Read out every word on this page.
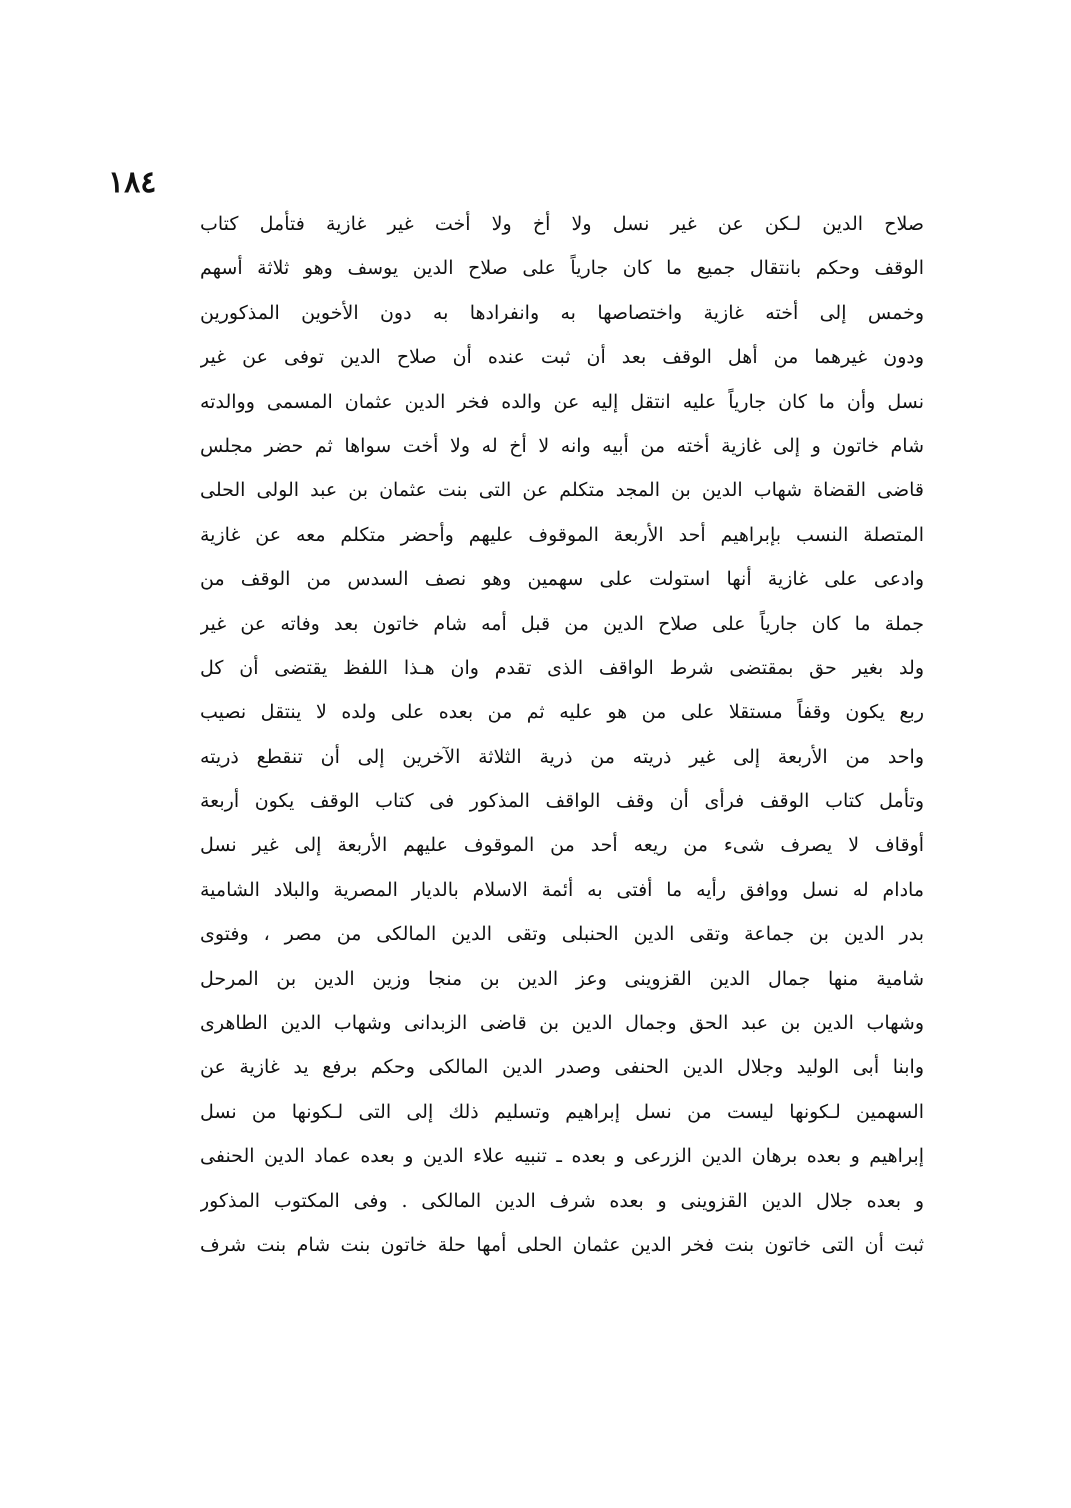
١٨٤
صلاح الدين لـكن عن غير نسل ولا أخ ولا أخت غير غازية فتأمل كتاب
الوقف وحكم بانتقال جميع ما كان جارياً على صلاح الدين يوسف وهو ثلاثة أسهم
وخمس إلى أخته غازية واختصاصها به وانفرادها به دون الأخوين المذكورين
ودون غيرهما من أهل الوقف بعد أن ثبت عنده أن صلاح الدين توفى عن غير
نسل وأن ما كان جارياً عليه انتقل إليه عن والده فخر الدين عثمان المسمى ووالدته
شام خاتون و إلى غازية أخته من أبيه وانه لا أخ له ولا أخت سواها ثم حضر مجلس
قاضى القضاة شهاب الدين بن المجد متكلم عن التى بنت عثمان بن عبد الولى الحلى
المتصلة النسب بإبراهيم أحد الأربعة الموقوف عليهم وأحضر متكلم معه عن غازية
وادعى على غازية أنها استولت على سهمين وهو نصف السدس من الوقف من
جملة ما كان جارياً على صلاح الدين من قبل أمه شام خاتون بعد وفاته عن غير
ولد بغير حق بمقتضى شرط الواقف الذى تقدم وان هـذا اللفظ يقتضى أن كل
ربع يكون وقفاً مستقلا على من هو عليه ثم من بعده على ولده لا ينتقل نصيب
واحد من الأربعة إلى غير ذريته من ذرية الثلاثة الآخرين إلى أن تنقطع ذريته
وتأمل كتاب الوقف فرأى أن وقف الواقف المذكور فى كتاب الوقف يكون أربعة
أوقاف لا يصرف شىء من ريعه أحد من الموقوف عليهم الأربعة إلى غير نسل
مادام له نسل ووافق رأيه ما أفتى به أئمة الاسلام بالديار المصرية والبلاد الشامية
بدر الدين بن جماعة وتقى الدين الحنبلى وتقى الدين المالكى من مصر ، وفتوى
شامية منها جمال الدين القزوينى وعز الدين بن منجا وزين الدين بن المرحل
وشهاب الدين بن عبد الحق وجمال الدين بن قاضى الزبدانى وشهاب الدين الطاهرى
وابنا أبى الوليد وجلال الدين الحنفى وصدر الدين المالكى وحكم برفع يد غازية عن
السهمين لـكونها ليست من نسل إبراهيم وتسليم ذلك إلى التى لـكونها من نسل
إبراهيم و بعده برهان الدين الزرعى و بعده ـ تنبيه علاء الدين و بعده عماد الدين الحنفى
و بعده جلال الدين القزوينى و بعده شرف الدين المالكى . وفى المكتوب المذكور
ثبت أن التى خاتون بنت فخر الدين عثمان الحلى أمها حلة خاتون بنت شام بنت شرف
